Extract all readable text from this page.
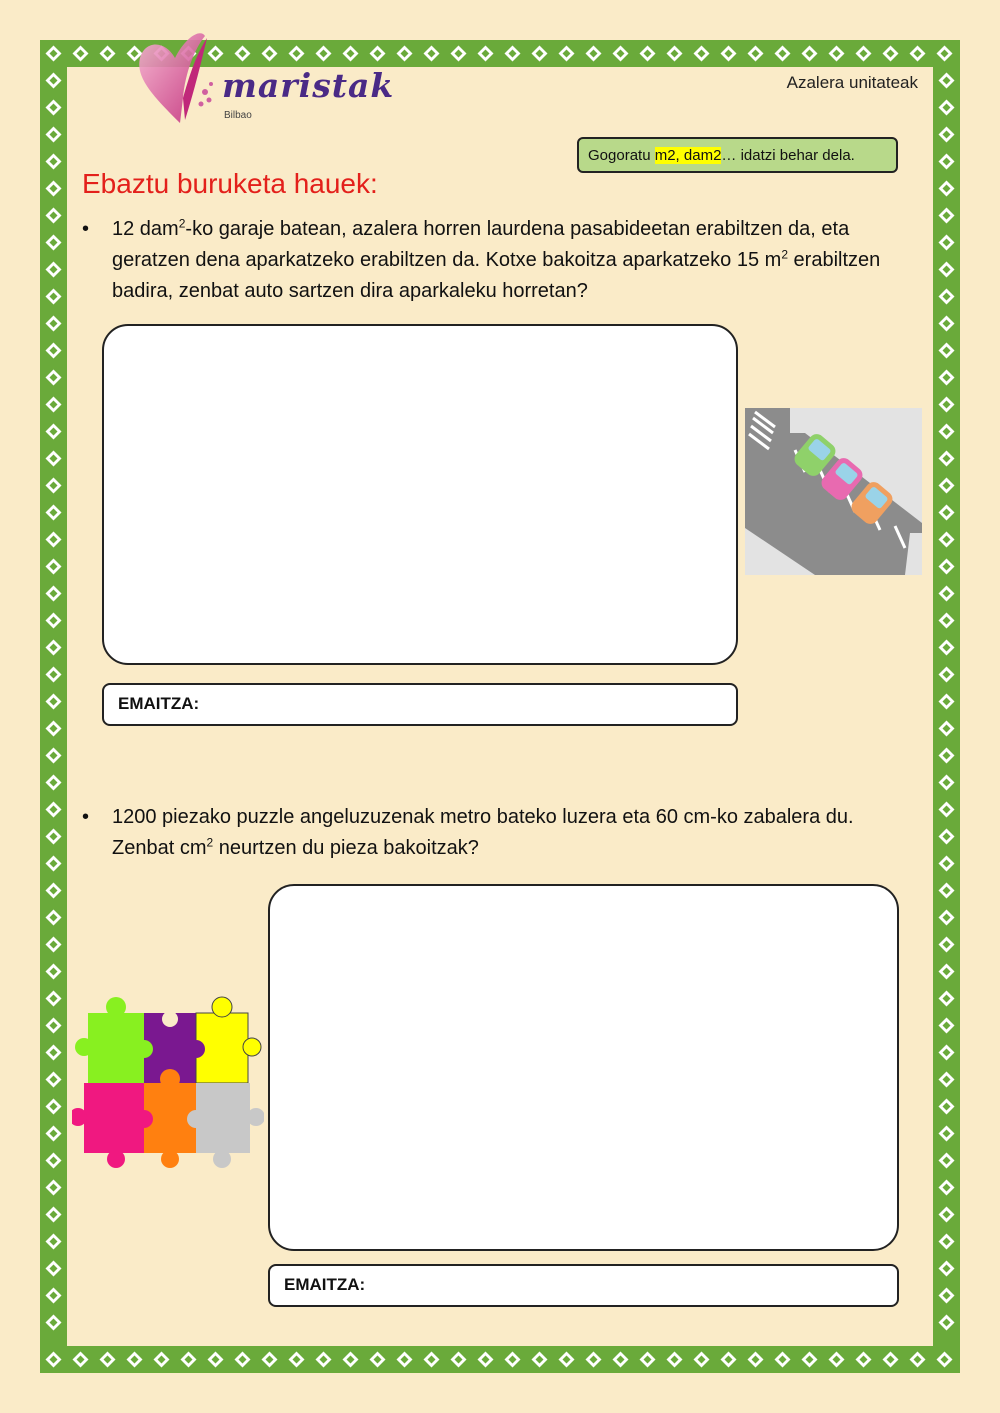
maristak
Bilbao
Azalera unitateak
Gogoratu m2, dam2… idatzi behar dela.
Ebaztu buruketa hauek:
•	12 dam$^2$-ko garaje batean, azalera horren laurdena pasabideetan erabiltzen da, eta geratzen dena aparkatzeko erabiltzen da. Kotxe bakoitza aparkatzeko 15 $m^2$ erabiltzen badira, zenbat auto sartzen dira aparkaleku horretan?
EMAITZA:
•	1200 piezako puzzle angeluzuzenak metro bateko luzera eta 60 cm-ko zabalera du. Zenbat $cm^2$ neurtzen du pieza bakoitzak?
EMAITZA:
